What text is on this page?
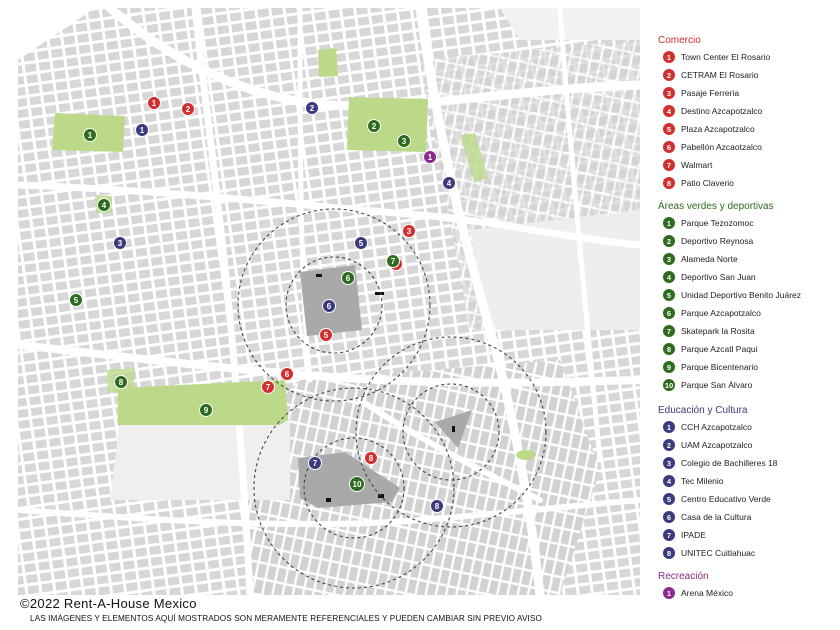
1
2
3
5
6
7
8
1
2
3
4
5
6
7
8
9
10
1
2
3
4
5
6
7
8
1
Comercio
1	Town Center El Rosario
2	CETRAM El Rosario
3	Pasaje Ferreria
4	Destino Azcapotzalco
5	Plaza Azcapotzalco
6	Pabellón Azcaotzalco
7	Walmart
8	Patio Claverio
Áreas verdes y deportivas
1	Parque Tezozomoc
2	Deportivo Reynosa
3	Alameda Norte
4	Deportivo San Juan
5	Unidad Deportivo Benito Juárez
6	Parque Azcapotzalco
7	Skatepark la Rosita
8	Parque Azcatl Paqui
9	Parque Bicentenario
10 Parque San Álvaro
Educación y Cultura
1	CCH Azcapotzalco
2	UAM Azcapotzalco
3	Colegio de Bachilleres 18
4	Tec Milenio
5	Centro Educativo Verde
6	Casa de la Cultura
7	IPADE
8	UNITEC Cuitlahuac
Recreación
1	Arena México
©2022 Rent-A-House Mexico
LAS IMÁGENES Y ELEMENTOS AQUÍ MOSTRADOS SON MERAMENTE REFERENCIALES Y PUEDEN CAMBIAR SIN PREVIO AVISO
